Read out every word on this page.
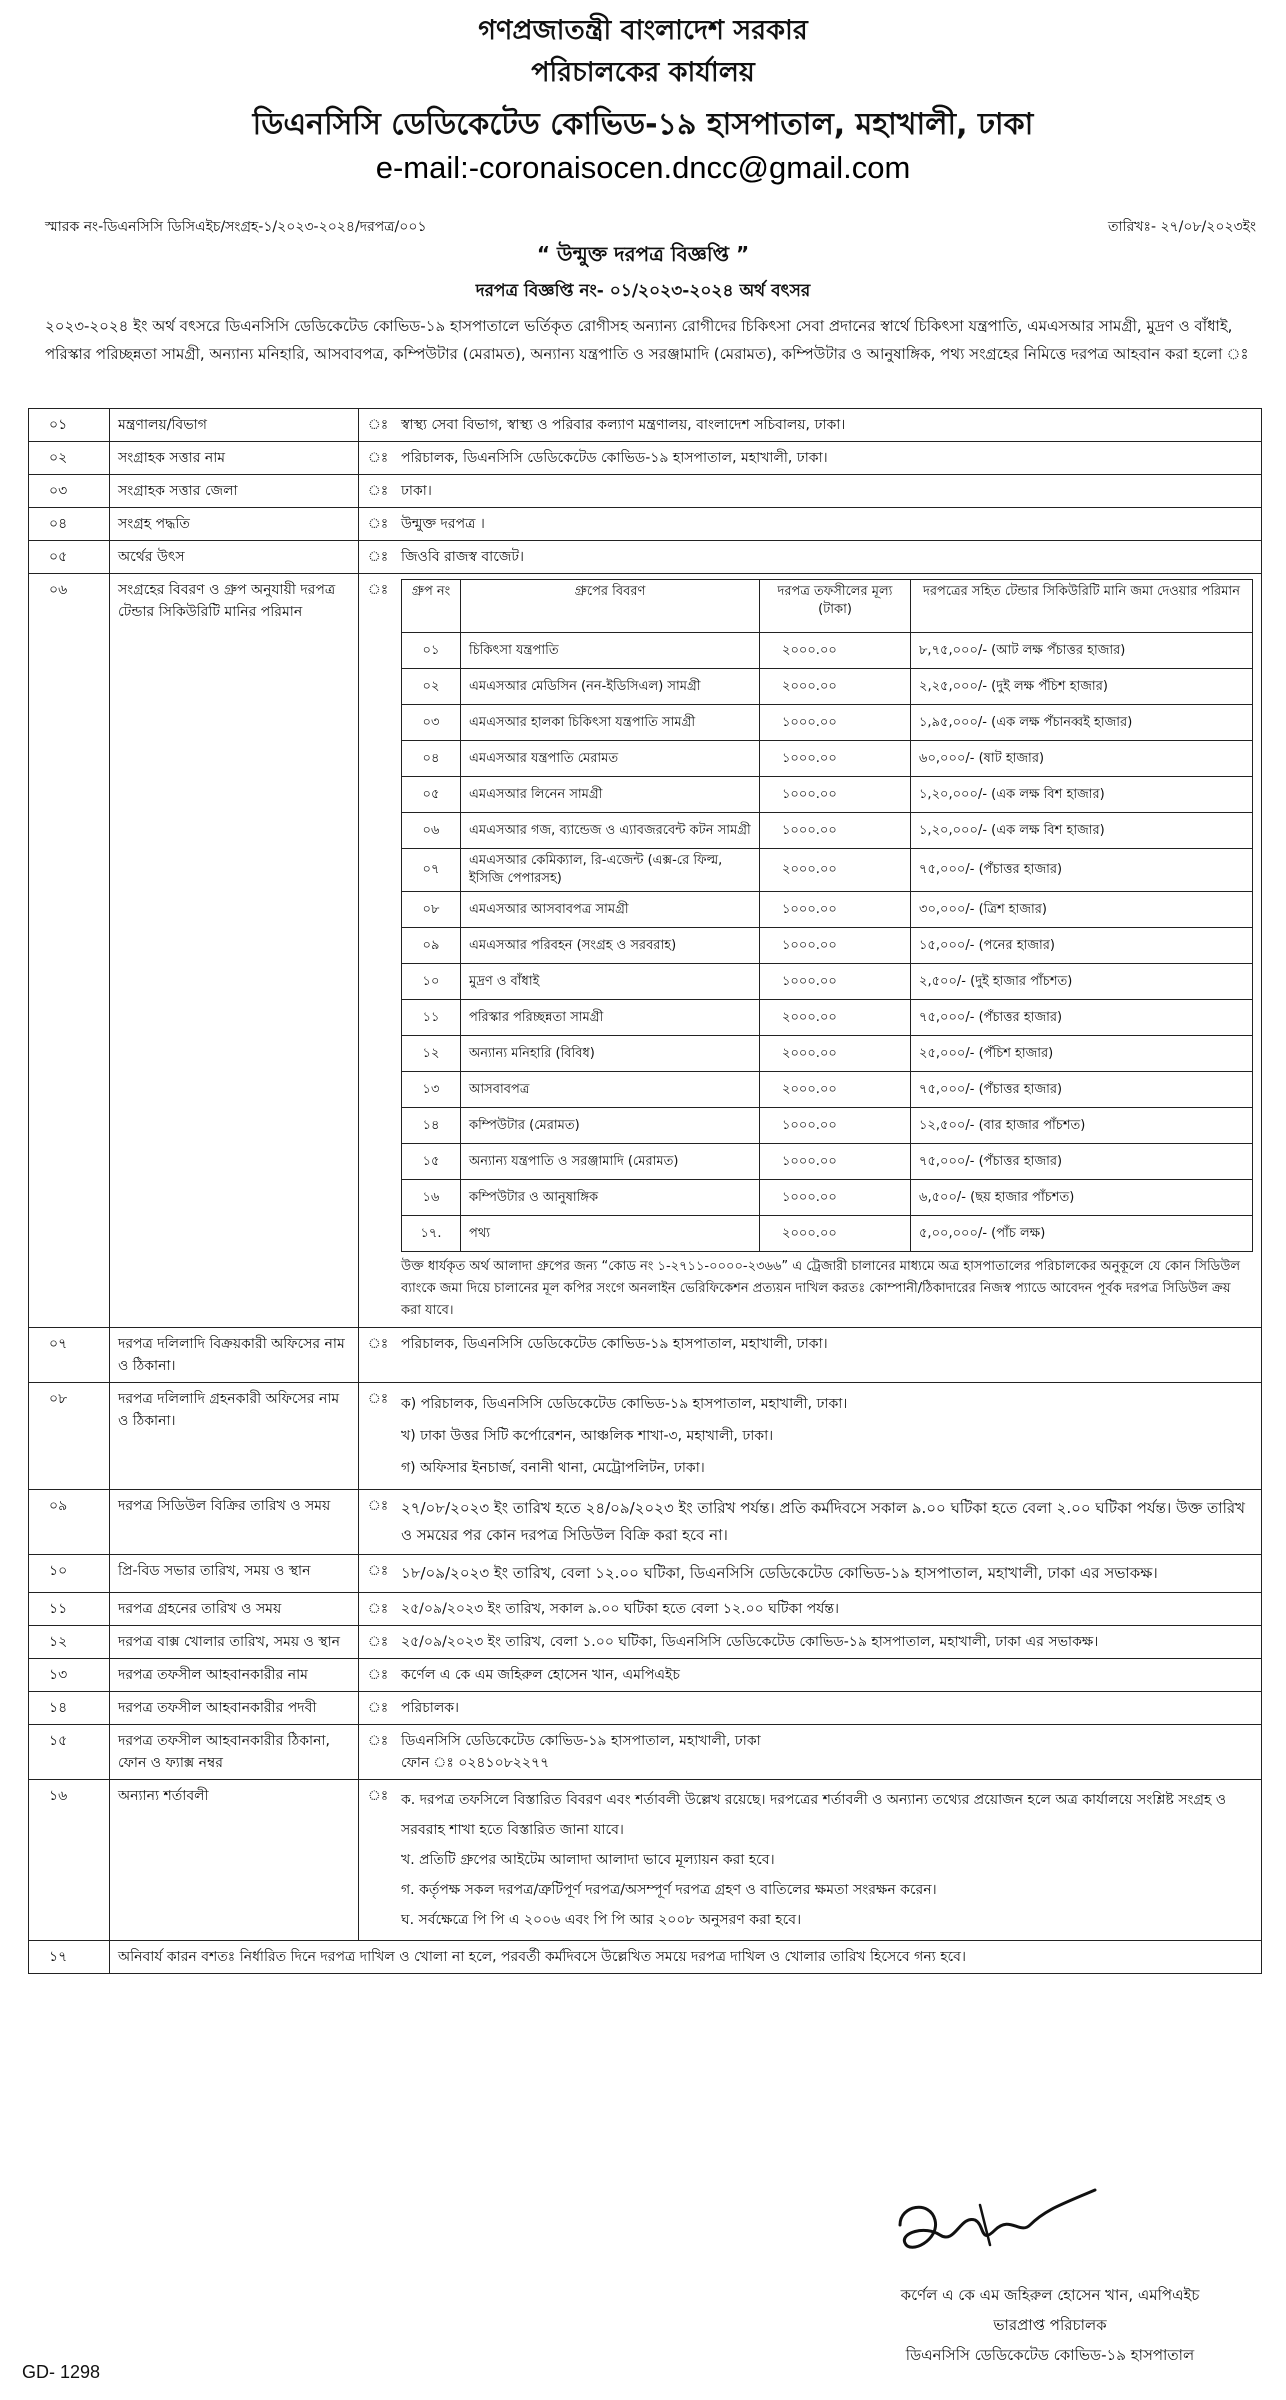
গণপ্রজাতন্ত্রী বাংলাদেশ সরকার
পরিচালকের কার্যালয়
ডিএনসিসি ডেডিকেটেড কোভিড-১৯ হাসপাতাল, মহাখালী, ঢাকা
e-mail:-coronaisocen.dncc@gmail.com
স্মারক নং-ডিএনসিসি ডিসিএইচ/সংগ্রহ-১/২০২৩-২০২৪/দরপত্র/০০১	তারিখঃ- ২৭/০৮/২০২৩ইং
“ উন্মুক্ত দরপত্র বিজ্ঞপ্তি ”
দরপত্র বিজ্ঞপ্তি নং- ০১/২০২৩-২০২৪ অর্থ বৎসর
২০২৩-২০২৪ ইং অর্থ বৎসরে ডিএনসিসি ডেডিকেটেড কোভিড-১৯ হাসপাতালে ভর্তিকৃত রোগীসহ অন্যান্য রোগীদের চিকিৎসা সেবা প্রদানের স্বার্থে চিকিৎসা যন্ত্রপাতি, এমএসআর সামগ্রী, মুদ্রণ ও বাঁধাই, পরিস্কার পরিচ্ছন্নতা সামগ্রী, অন্যান্য মনিহারি, আসবাবপত্র, কম্পিউটার (মেরামত), অন্যান্য যন্ত্রপাতি ও সরঞ্জামাদি (মেরামত), কম্পিউটার ও আনুষাঙ্গিক, পথ্য সংগ্রহের নিমিত্তে দরপত্র আহবান করা হলো ঃ
০১	মন্ত্রণালয়/বিভাগ	ঃ	স্বাস্থ্য সেবা বিভাগ, স্বাস্থ্য ও পরিবার কল্যাণ মন্ত্রণালয়, বাংলাদেশ সচিবালয়, ঢাকা।
০২	সংগ্রাহক সত্তার নাম	ঃ	পরিচালক, ডিএনসিসি ডেডিকেটেড কোভিড-১৯ হাসপাতাল, মহাখালী, ঢাকা।
০৩	সংগ্রাহক সত্তার জেলা	ঃ	ঢাকা।
০৪	সংগ্রহ পদ্ধতি	ঃ	উন্মুক্ত দরপত্র ।
০৫	অর্থের উৎস	ঃ	জিওবি রাজস্ব বাজেট।
০৬	সংগ্রহের বিবরণ ও গ্রুপ অনুযায়ী দরপত্র টেন্ডার সিকিউরিটি মানির পরিমান	ঃ	গ্রুপ নং	গ্রুপের বিবরণ	দরপত্র তফসীলের মূল্য (টাকা)	দরপত্রের সহিত টেন্ডার সিকিউরিটি মানি জমা দেওয়ার পরিমান
০১	চিকিৎসা যন্ত্রপাতি	২০০০.০০	৮,৭৫,০০০/- (আট লক্ষ পঁচাত্তর হাজার)
০২	এমএসআর মেডিসিন (নন-ইডিসিএল) সামগ্রী	২০০০.০০	২,২৫,০০০/- (দুই লক্ষ পঁচিশ হাজার)
০৩	এমএসআর হালকা চিকিৎসা যন্ত্রপাতি সামগ্রী	১০০০.০০	১,৯৫,০০০/- (এক লক্ষ পঁচানব্বই হাজার)
০৪	এমএসআর যন্ত্রপাতি মেরামত	১০০০.০০	৬০,০০০/- (ষাট হাজার)
০৫	এমএসআর লিনেন সামগ্রী	১০০০.০০	১,২০,০০০/- (এক লক্ষ বিশ হাজার)
০৬	এমএসআর গজ, ব্যান্ডেজ ও এ্যাবজরবেন্ট কটন সামগ্রী	১০০০.০০	১,২০,০০০/- (এক লক্ষ বিশ হাজার)
০৭	এমএসআর কেমিক্যাল, রি-এজেন্ট (এক্স-রে ফিল্ম, ইসিজি পেপারসহ)	২০০০.০০	৭৫,০০০/- (পঁচাত্তর হাজার)
০৮	এমএসআর আসবাবপত্র সামগ্রী	১০০০.০০	৩০,০০০/- (ত্রিশ হাজার)
০৯	এমএসআর পরিবহন (সংগ্রহ ও সরবরাহ)	১০০০.০০	১৫,০০০/- (পনের হাজার)
১০	মুদ্রণ ও বাঁধাই	১০০০.০০	২,৫০০/- (দুই হাজার পাঁচশত)
১১	পরিস্কার পরিচ্ছন্নতা সামগ্রী	২০০০.০০	৭৫,০০০/- (পঁচাত্তর হাজার)
১২	অন্যান্য মনিহারি (বিবিধ)	২০০০.০০	২৫,০০০/- (পঁচিশ হাজার)
১৩	আসবাবপত্র	২০০০.০০	৭৫,০০০/- (পঁচাত্তর হাজার)
১৪	কম্পিউটার (মেরামত)	১০০০.০০	১২,৫০০/- (বার হাজার পাঁচশত)
১৫	অন্যান্য যন্ত্রপাতি ও সরঞ্জামাদি (মেরামত)	১০০০.০০	৭৫,০০০/- (পঁচাত্তর হাজার)
১৬	কম্পিউটার ও আনুষাঙ্গিক	১০০০.০০	৬,৫০০/- (ছয় হাজার পাঁচশত)
১৭.	পথ্য	২০০০.০০	৫,০০,০০০/- (পাঁচ লক্ষ)
উক্ত ধার্যকৃত অর্থ আলাদা গ্রুপের জন্য “কোড নং ১-২৭১১-০০০০-২৩৬৬” এ ট্রেজারী চালানের মাধ্যমে অত্র হাসপাতালের পরিচালকের অনুকূলে যে কোন সিডিউল ব্যাংকে জমা দিয়ে চালানের মূল কপির সংগে অনলাইন ভেরিফিকেশন প্রত্যয়ন দাখিল করতঃ কোম্পানী/ঠিকাদারের নিজস্ব প্যাডে আবেদন পূর্বক দরপত্র সিডিউল ক্রয় করা যাবে।

০৭	দরপত্র দলিলাদি বিক্রয়কারী অফিসের নাম ও ঠিকানা।	ঃ	পরিচালক, ডিএনসিসি ডেডিকেটেড কোভিড-১৯ হাসপাতাল, মহাখালী, ঢাকা।
০৮	দরপত্র দলিলাদি গ্রহনকারী অফিসের নাম ও ঠিকানা।	ঃ	ক) পরিচালক, ডিএনসিসি ডেডিকেটেড কোভিড-১৯ হাসপাতাল, মহাখালী, ঢাকা।
খ) ঢাকা উত্তর সিটি কর্পোরেশন, আঞ্চলিক শাখা-৩, মহাখালী, ঢাকা।
গ) অফিসার ইনচার্জ, বনানী থানা, মেট্রোপলিটন, ঢাকা।

০৯	দরপত্র সিডিউল বিক্রির তারিখ ও সময়	ঃ	২৭/০৮/২০২৩ ইং তারিখ হতে ২৪/০৯/২০২৩ ইং তারিখ পর্যন্ত। প্রতি কর্মদিবসে সকাল ৯.০০ ঘটিকা হতে বেলা ২.০০ ঘটিকা পর্যন্ত। উক্ত তারিখ ও সময়ের পর কোন দরপত্র সিডিউল বিক্রি করা হবে না।
১০	প্রি-বিড সভার তারিখ, সময় ও স্থান	ঃ	১৮/০৯/২০২৩ ইং তারিখ, বেলা ১২.০০ ঘটিকা, ডিএনসিসি ডেডিকেটেড কোভিড-১৯ হাসপাতাল, মহাখালী, ঢাকা এর সভাকক্ষ।
১১	দরপত্র গ্রহনের তারিখ ও সময়	ঃ	২৫/০৯/২০২৩ ইং তারিখ, সকাল ৯.০০ ঘটিকা হতে বেলা ১২.০০ ঘটিকা পর্যন্ত।
১২	দরপত্র বাক্স খোলার তারিখ, সময় ও স্থান	ঃ	২৫/০৯/২০২৩ ইং তারিখ, বেলা ১.০০ ঘটিকা, ডিএনসিসি ডেডিকেটেড কোভিড-১৯ হাসপাতাল, মহাখালী, ঢাকা এর সভাকক্ষ।
১৩	দরপত্র তফসীল আহবানকারীর নাম	ঃ	কর্ণেল এ কে এম জহিরুল হোসেন খান, এমপিএইচ
১৪	দরপত্র তফসীল আহবানকারীর পদবী	ঃ	পরিচালক।
১৫	দরপত্র তফসীল আহবানকারীর ঠিকানা, ফোন ও ফ্যাক্স নম্বর	ঃ	ডিএনসিসি ডেডিকেটেড কোভিড-১৯ হাসপাতাল, মহাখালী, ঢাকা
ফোন ঃ ০২৪১০৮২২৭৭

১৬	অন্যান্য শর্তাবলী	ঃ	ক. দরপত্র তফসিলে বিস্তারিত বিবরণ এবং শর্তাবলী উল্লেখ রয়েছে। দরপত্রের শর্তাবলী ও অন্যান্য তথ্যের প্রয়োজন হলে অত্র কার্যালয়ে সংশ্লিষ্ট সংগ্রহ ও সরবরাহ শাখা হতে বিস্তারিত জানা যাবে।
খ. প্রতিটি গ্রুপের আইটেম আলাদা আলাদা ভাবে মূল্যায়ন করা হবে।
গ. কর্তৃপক্ষ সকল দরপত্র/ত্রুটিপূর্ণ দরপত্র/অসম্পূর্ণ দরপত্র গ্রহণ ও বাতিলের ক্ষমতা সংরক্ষন করেন।
ঘ. সর্বক্ষেত্রে পি পি এ ২০০৬ এবং পি পি আর ২০০৮ অনুসরণ করা হবে।

১৭	অনিবার্য কারন বশতঃ নির্ধারিত দিনে দরপত্র দাখিল ও খোলা না হলে, পরবর্তী কর্মদিবসে উল্লেখিত সময়ে দরপত্র দাখিল ও খোলার তারিখ হিসেবে গন্য হবে।
কর্ণেল এ কে এম জহিরুল হোসেন খান, এমপিএইচ
ভারপ্রাপ্ত পরিচালক
ডিএনসিসি ডেডিকেটেড কোভিড-১৯ হাসপাতাল
GD- 1298
